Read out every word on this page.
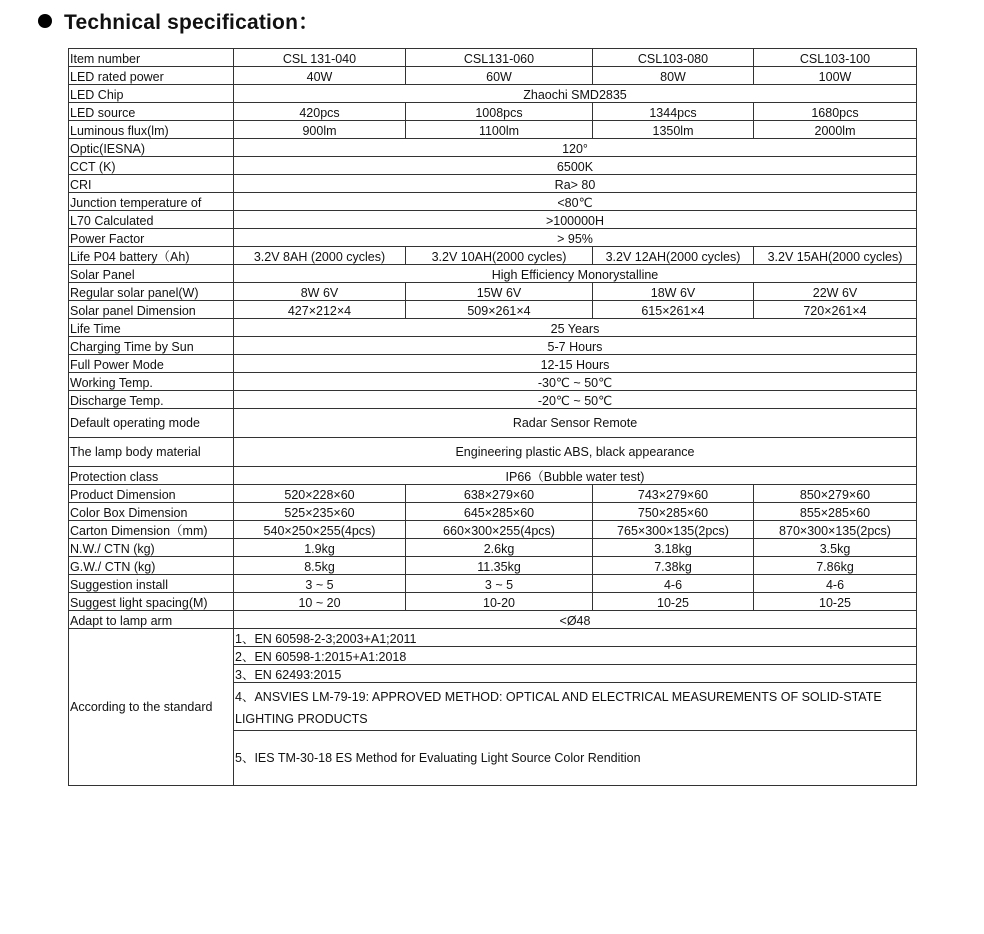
Technical specification：
Item number	CSL 131-040	CSL131-060	CSL103-080	CSL103-100
LED rated power	40W	60W	80W	100W
LED Chip	Zhaochi SMD2835			
LED source	420pcs	1008pcs	1344pcs	1680pcs
Luminous flux(lm)	900lm	1100lm	1350lm	2000lm
Optic(IESNA)	120°			
CCT (K)	6500K			
CRI	Ra> 80			
Junction temperature of	<80℃			
L70 Calculated	>100000H			
Power Factor	> 95%			
Life P04 battery（Ah)	3.2V 8AH (2000 cycles)	3.2V 10AH(2000 cycles)	3.2V 12AH(2000 cycles)	3.2V 15AH(2000 cycles)
Solar Panel	High Efficiency Monorystalline			
Regular solar panel(W)	8W 6V	15W 6V	18W 6V	22W 6V
Solar panel Dimension	427×212×4	509×261×4	615×261×4	720×261×4
Life Time	25 Years			
Charging Time by Sun	5-7 Hours			
Full Power Mode	12-15 Hours			
Working Temp.	-30℃ ~ 50℃			
Discharge Temp.	-20℃ ~ 50℃			
Default operating mode	Radar Sensor Remote			
The lamp body material	Engineering plastic ABS, black appearance			
Protection class	IP66（Bubble water test)			
Product Dimension	520×228×60	638×279×60	743×279×60	850×279×60
Color Box Dimension	525×235×60	645×285×60	750×285×60	855×285×60
Carton Dimension（mm)	540×250×255(4pcs)	660×300×255(4pcs)	765×300×135(2pcs)	870×300×135(2pcs)
N.W./ CTN (kg)	1.9kg	2.6kg	3.18kg	3.5kg
G.W./ CTN (kg)	8.5kg	11.35kg	7.38kg	7.86kg
Suggestion install	3 ~ 5	3 ~ 5	4-6	4-6
Suggest light spacing(M)	10 ~ 20	10-20	10-25	10-25
Adapt to lamp arm	<Ø48			
According to the standard	1、EN 60598-2-3;2003+A1;2011			
	2、EN 60598-1:2015+A1:2018			
	3、EN 62493:2015			
	4、ANSVIES LM-79-19: APPROVED METHOD: OPTICAL AND ELECTRICAL MEASUREMENTS OF SOLID-STATE LIGHTING PRODUCTS			
	5、IES TM-30-18 ES Method for Evaluating Light Source Color Rendition			
